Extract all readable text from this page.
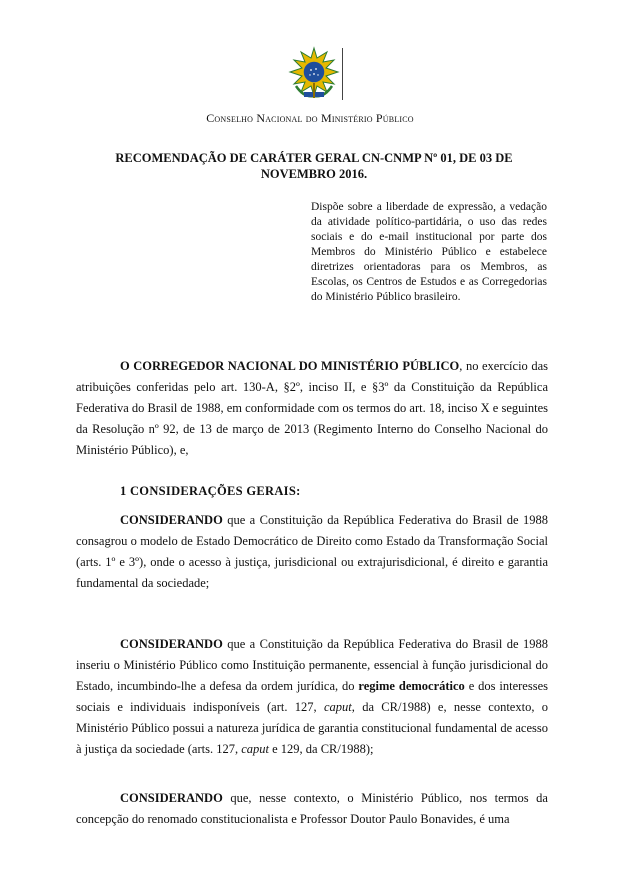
Conselho Nacional do Ministério Público
RECOMENDAÇÃO DE CARÁTER GERAL CN-CNMP Nº 01, DE 03 DE NOVEMBRO 2016.
Dispõe sobre a liberdade de expressão, a vedação da atividade político-partidária, o uso das redes sociais e do e-mail institucional por parte dos Membros do Ministério Público e estabelece diretrizes orientadoras para os Membros, as Escolas, os Centros de Estudos e as Corregedorias do Ministério Público brasileiro.

O CORREGEDOR NACIONAL DO MINISTÉRIO PÚBLICO, no exercício das atribuições conferidas pelo art. 130-A, §2º, inciso II, e §3º da Constituição da República Federativa do Brasil de 1988, em conformidade com os termos do art. 18, inciso X e seguintes da Resolução nº 92, de 13 de março de 2013 (Regimento Interno do Conselho Nacional do Ministério Público), e,

1 CONSIDERAÇÕES GERAIS:

CONSIDERANDO que a Constituição da República Federativa do Brasil de 1988 consagrou o modelo de Estado Democrático de Direito como Estado da Transformação Social (arts. 1º e 3º), onde o acesso à justiça, jurisdicional ou extrajurisdicional, é direito e garantia fundamental da sociedade;

CONSIDERANDO que a Constituição da República Federativa do Brasil de 1988 inseriu o Ministério Público como Instituição permanente, essencial à função jurisdicional do Estado, incumbindo-lhe a defesa da ordem jurídica, do regime democrático e dos interesses sociais e individuais indisponíveis (art. 127, caput, da CR/1988) e, nesse contexto, o Ministério Público possui a natureza jurídica de garantia constitucional fundamental de acesso à justiça da sociedade (arts. 127, caput e 129, da CR/1988);

CONSIDERANDO que, nesse contexto, o Ministério Público, nos termos da concepção do renomado constitucionalista e Professor Doutor Paulo Bonavides, é uma
